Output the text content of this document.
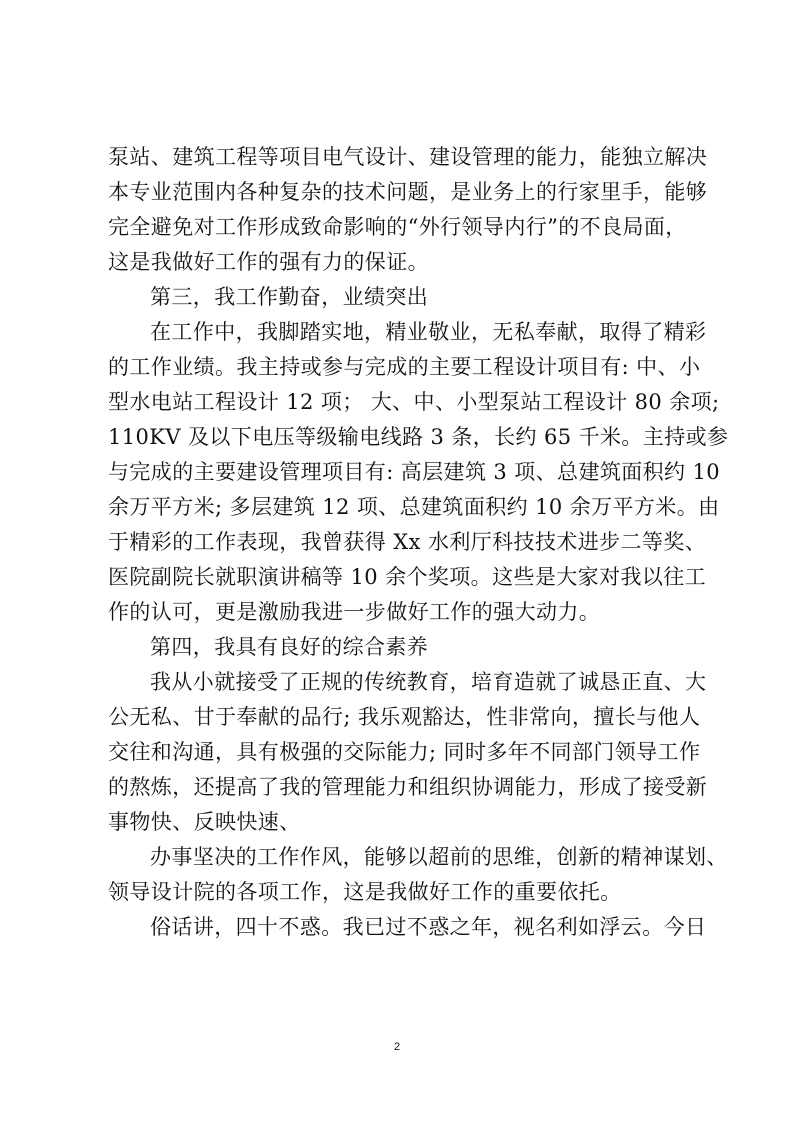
泵站、建筑工程等项目电气设计、建设管理的能力，能独立解决
本专业范围内各种复杂的技术问题，是业务上的行家里手，能够
完全避免对工作形成致命影响的“外行领导内行”的不良局面，
这是我做好工作的强有力的保证。
第三，我工作勤奋，业绩突出
在工作中，我脚踏实地，精业敬业，无私奉献，取得了精彩
的工作业绩。我主持或参与完成的主要工程设计项目有: 中、小
型水电站工程设计 12 项； 大、中、小型泵站工程设计 80 余项;
110KV 及以下电压等级输电线路 3 条，长约 65 千米。主持或参
与完成的主要建设管理项目有: 高层建筑 3 项、总建筑面积约 10
余万平方米; 多层建筑 12 项、总建筑面积约 10 余万平方米。由
于精彩的工作表现，我曾获得 Xx 水利厅科技技术进步二等奖、
医院副院长就职演讲稿等 10 余个奖项。这些是大家对我以往工
作的认可，更是激励我进一步做好工作的强大动力。
第四，我具有良好的综合素养
我从小就接受了正规的传统教育，培育造就了诚恳正直、大
公无私、甘于奉献的品行; 我乐观豁达，性非常向，擅长与他人
交往和沟通，具有极强的交际能力; 同时多年不同部门领导工作
的熬炼，还提高了我的管理能力和组织协调能力，形成了接受新
事物快、反映快速、
办事坚决的工作作风，能够以超前的思维，创新的精神谋划、
领导设计院的各项工作，这是我做好工作的重要依托。
俗话讲，四十不惑。我已过不惑之年，视名利如浮云。今日
2
